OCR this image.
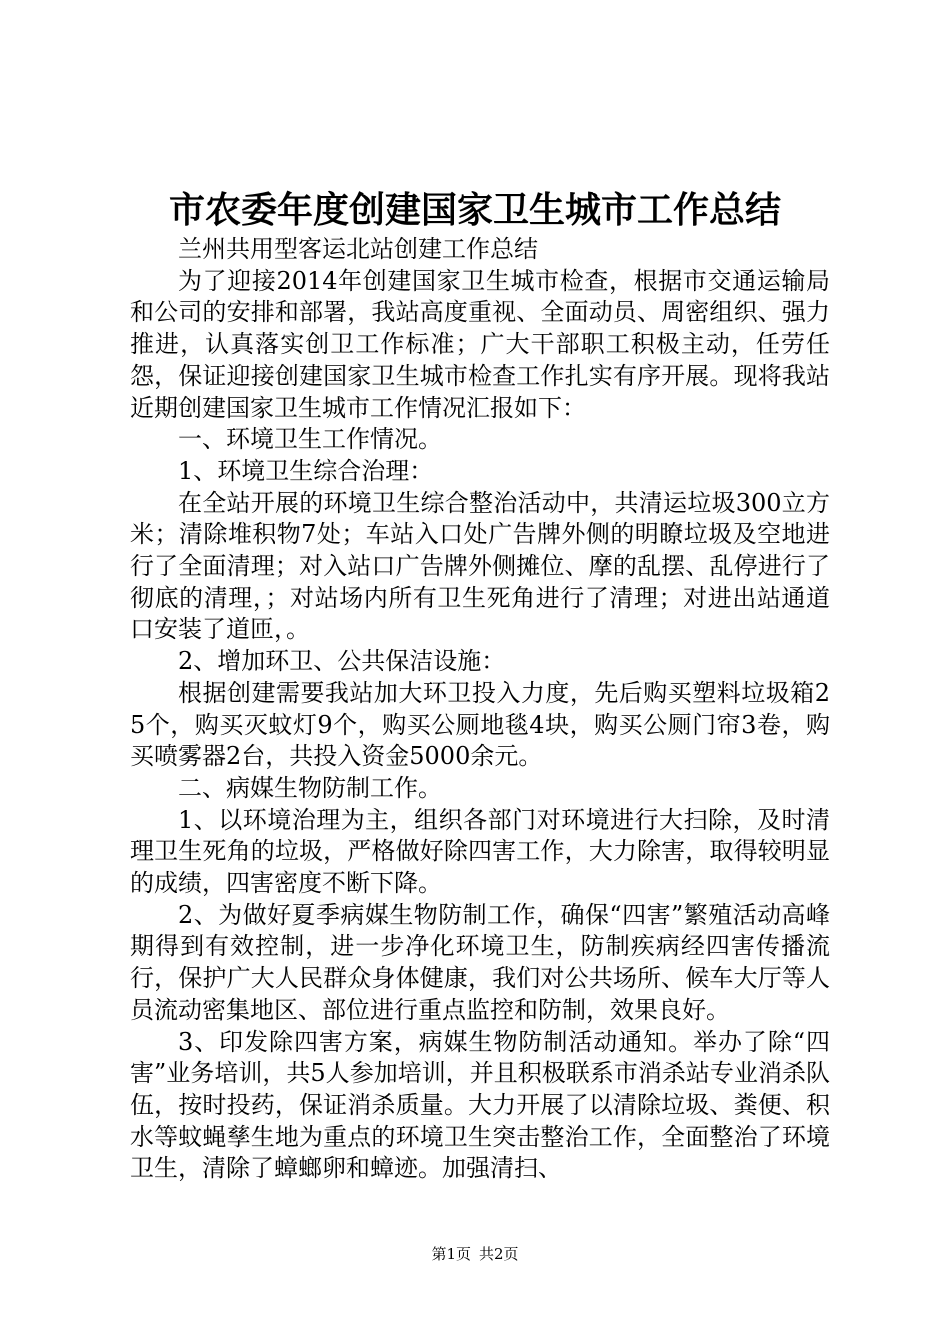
市农委年度创建国家卫生城市工作总结

兰州共用型客运北站创建工作总结

为了迎接2014年创建国家卫生城市检查，根据市交通运输局和公司的安排和部署，我站高度重视、全面动员、周密组织、强力推进，认真落实创卫工作标准；广大干部职工积极主动，任劳任怨，保证迎接创建国家卫生城市检查工作扎实有序开展。现将我站近期创建国家卫生城市工作情况汇报如下：

一、环境卫生工作情况。

1、环境卫生综合治理：

在全站开展的环境卫生综合整治活动中，共清运垃圾300立方米；清除堆积物7处；车站入口处广告牌外侧的明瞭垃圾及空地进行了全面清理；对入站口广告牌外侧摊位、摩的乱摆、乱停进行了彻底的清理，；对站场内所有卫生死角进行了清理；对进出站通道口安装了道匝，。

2、增加环卫、公共保洁设施：

根据创建需要我站加大环卫投入力度，先后购买塑料垃圾箱25个，购买灭蚊灯9个，购买公厕地毯4块，购买公厕门帘3卷，购买喷雾器2台，共投入资金5000余元。

二、病媒生物防制工作。

1、以环境治理为主，组织各部门对环境进行大扫除，及时清理卫生死角的垃圾，严格做好除四害工作，大力除害，取得较明显的成绩，四害密度不断下降。

2、为做好夏季病媒生物防制工作，确保“四害”繁殖活动高峰期得到有效控制，进一步净化环境卫生，防制疾病经四害传播流行，保护广大人民群众身体健康，我们对公共场所、候车大厅等人员流动密集地区、部位进行重点监控和防制，效果良好。

3、印发除四害方案，病媒生物防制活动通知。举办了除“四害”业务培训，共5人参加培训，并且积极联系市消杀站专业消杀队伍，按时投药，保证消杀质量。大力开展了以清除垃圾、粪便、积水等蚊蝇孳生地为重点的环境卫生突击整治工作，全面整治了环境卫生，清除了蟑螂卵和蟑迹。加强清扫、

第1页 共2页
